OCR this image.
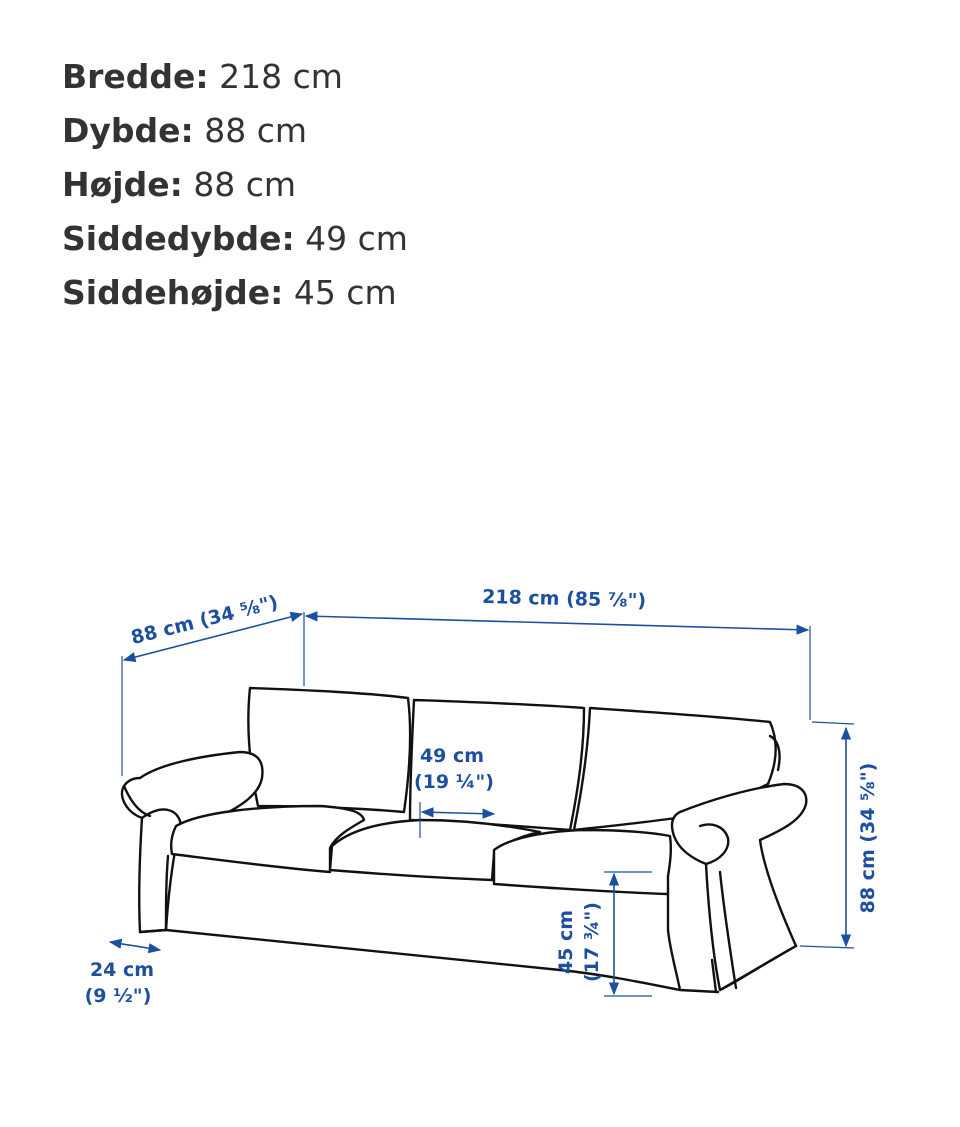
Bredde: 218 cm
Dybde: 88 cm
Højde: 88 cm
Siddedybde: 49 cm
Siddehøjde: 45 cm
218 cm (85 ⅞")
88 cm (34 ⅝")
88 cm (34 ⅝")
49 cm
(19 ¼")
45 cm (17 ¾")
24 cm
(9 ½")
